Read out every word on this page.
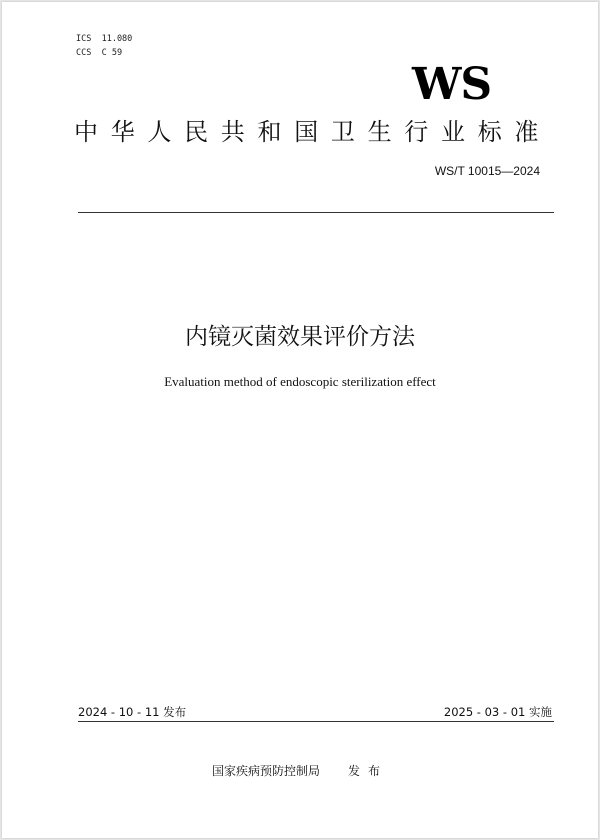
ICS  11.080
CCS  C 59
WS
中华人民共和国卫生行业标准
WS/T 10015—2024
内镜灭菌效果评价方法
Evaluation method of endoscopic sterilization effect
2024 - 10 - 11 发布	2025 - 03 - 01 实施
国家疾病预防控制局 发布
